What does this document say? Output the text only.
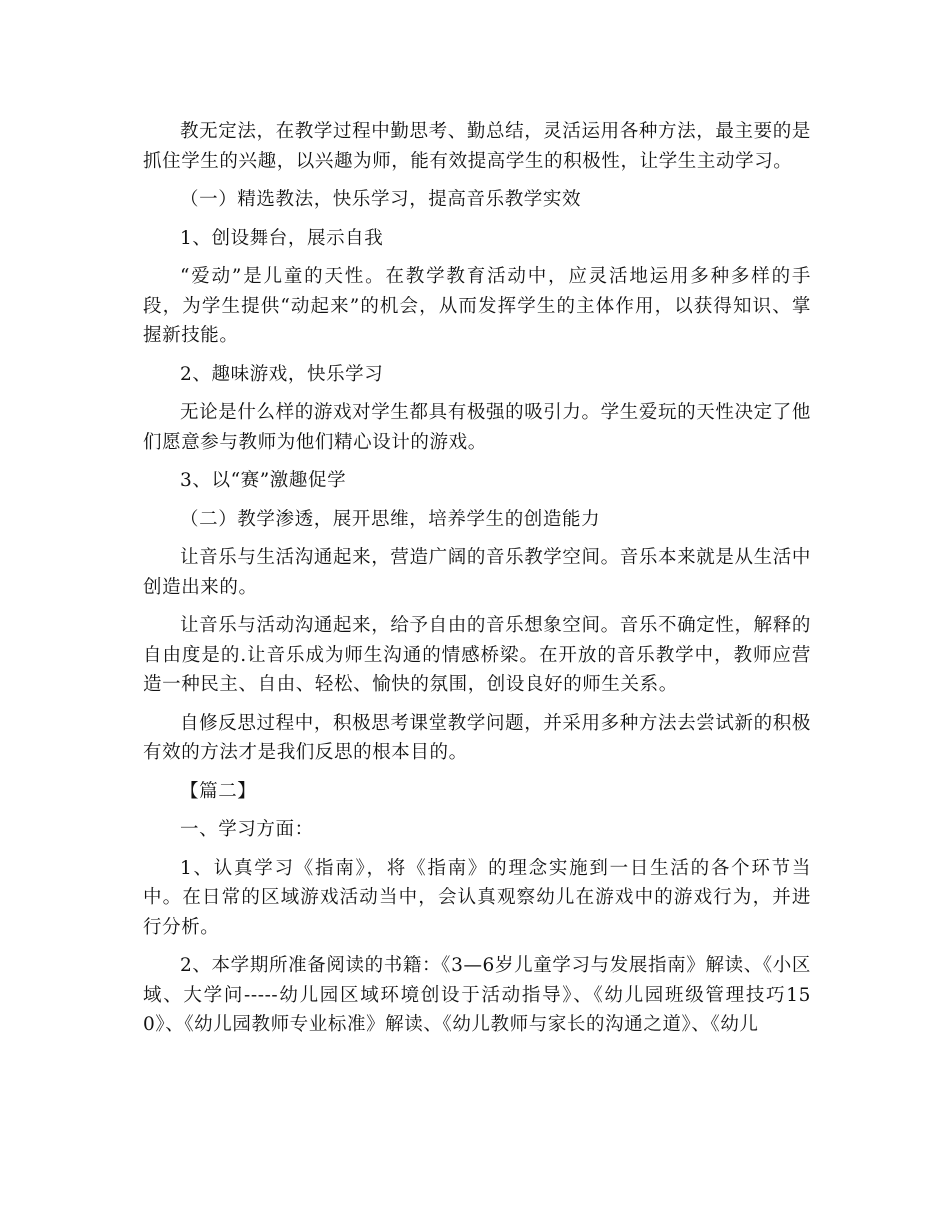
教无定法，在教学过程中勤思考、勤总结，灵活运用各种方法，最主要的是抓住学生的兴趣，以兴趣为师，能有效提高学生的积极性，让学生主动学习。

（一）精选教法，快乐学习，提高音乐教学实效

1、创设舞台，展示自我

“爱动”是儿童的天性。在教学教育活动中，应灵活地运用多种多样的手段，为学生提供“动起来”的机会，从而发挥学生的主体作用，以获得知识、掌握新技能。

2、趣味游戏，快乐学习

无论是什么样的游戏对学生都具有极强的吸引力。学生爱玩的天性决定了他们愿意参与教师为他们精心设计的游戏。

3、以“赛”激趣促学

（二）教学渗透，展开思维，培养学生的创造能力

让音乐与生活沟通起来，营造广阔的音乐教学空间。音乐本来就是从生活中创造出来的。

让音乐与活动沟通起来，给予自由的音乐想象空间。音乐不确定性，解释的自由度是的.让音乐成为师生沟通的情感桥梁。在开放的音乐教学中，教师应营造一种民主、自由、轻松、愉快的氛围，创设良好的师生关系。

自修反思过程中，积极思考课堂教学问题，并采用多种方法去尝试新的积极有效的方法才是我们反思的根本目的。

【篇二】

一、学习方面：

1、认真学习《指南》，将《指南》的理念实施到一日生活的各个环节当中。在日常的区域游戏活动当中，会认真观察幼儿在游戏中的游戏行为，并进行分析。

2、本学期所准备阅读的书籍：《3—6岁儿童学习与发展指南》解读、《小区域、大学问-----幼儿园区域环境创设于活动指导》、《幼儿园班级管理技巧150》、《幼儿园教师专业标准》解读、《幼儿教师与家长的沟通之道》、《幼儿
